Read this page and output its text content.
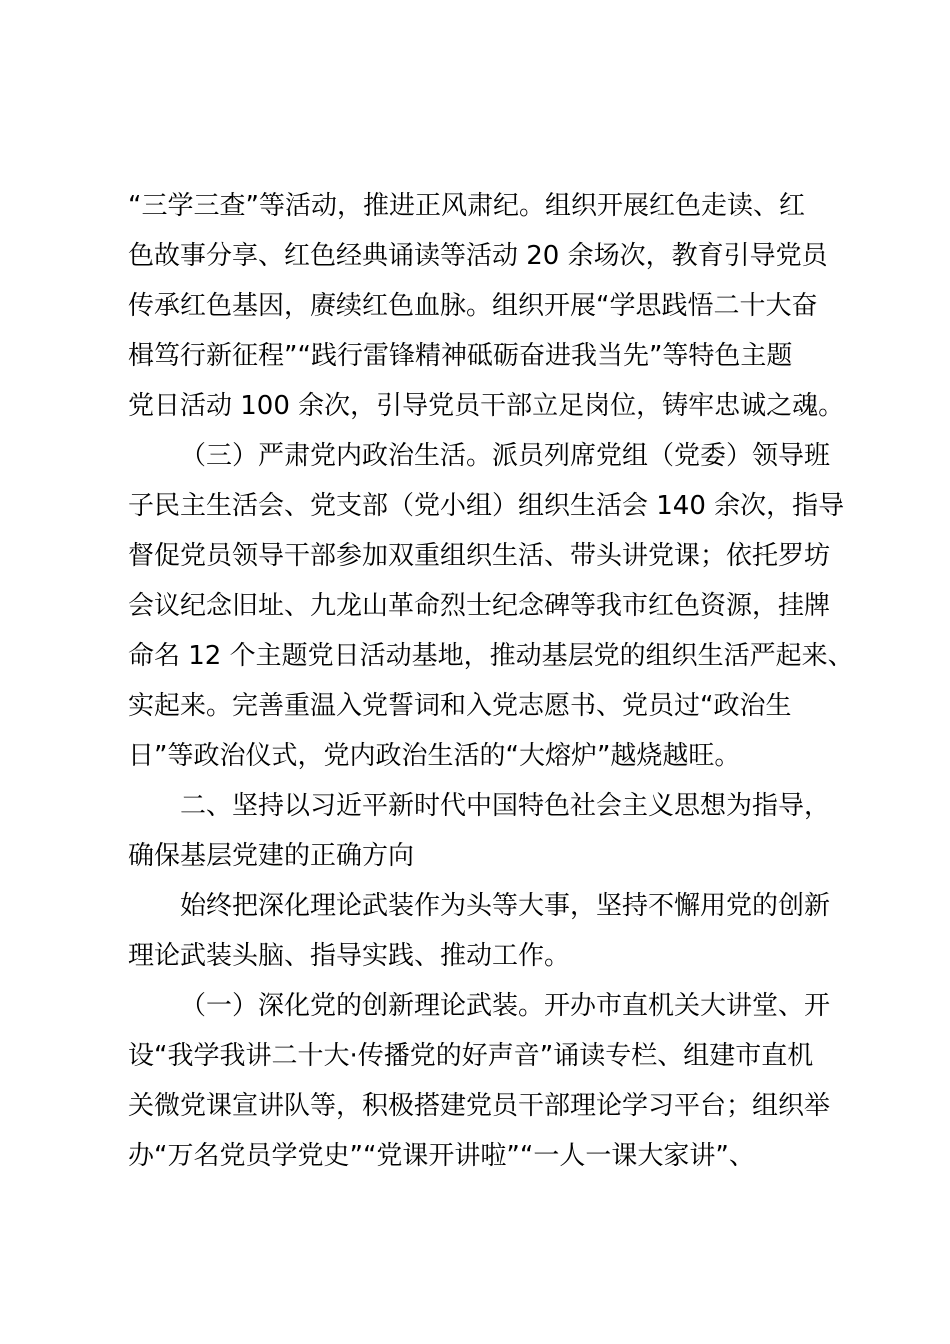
“三学三查”等活动，推进正风肃纪。组织开展红色走读、红
色故事分享、红色经典诵读等活动 20 余场次，教育引导党员
传承红色基因，赓续红色血脉。组织开展“学思践悟二十大奋
楫笃行新征程”“践行雷锋精神砥砺奋进我当先”等特色主题
党日活动 100 余次，引导党员干部立足岗位，铸牢忠诚之魂。
（三）严肃党内政治生活。派员列席党组（党委）领导班
子民主生活会、党支部（党小组）组织生活会 140 余次，指导
督促党员领导干部参加双重组织生活、带头讲党课；依托罗坊
会议纪念旧址、九龙山革命烈士纪念碑等我市红色资源，挂牌
命名 12 个主题党日活动基地，推动基层党的组织生活严起来、
实起来。完善重温入党誓词和入党志愿书、党员过“政治生
日”等政治仪式，党内政治生活的“大熔炉”越烧越旺。
二、坚持以习近平新时代中国特色社会主义思想为指导，
确保基层党建的正确方向
始终把深化理论武装作为头等大事，坚持不懈用党的创新
理论武装头脑、指导实践、推动工作。
（一）深化党的创新理论武装。开办市直机关大讲堂、开
设“我学我讲二十大·传播党的好声音”诵读专栏、组建市直机
关微党课宣讲队等，积极搭建党员干部理论学习平台；组织举
办“万名党员学党史”“党课开讲啦”“一人一课大家讲”、
